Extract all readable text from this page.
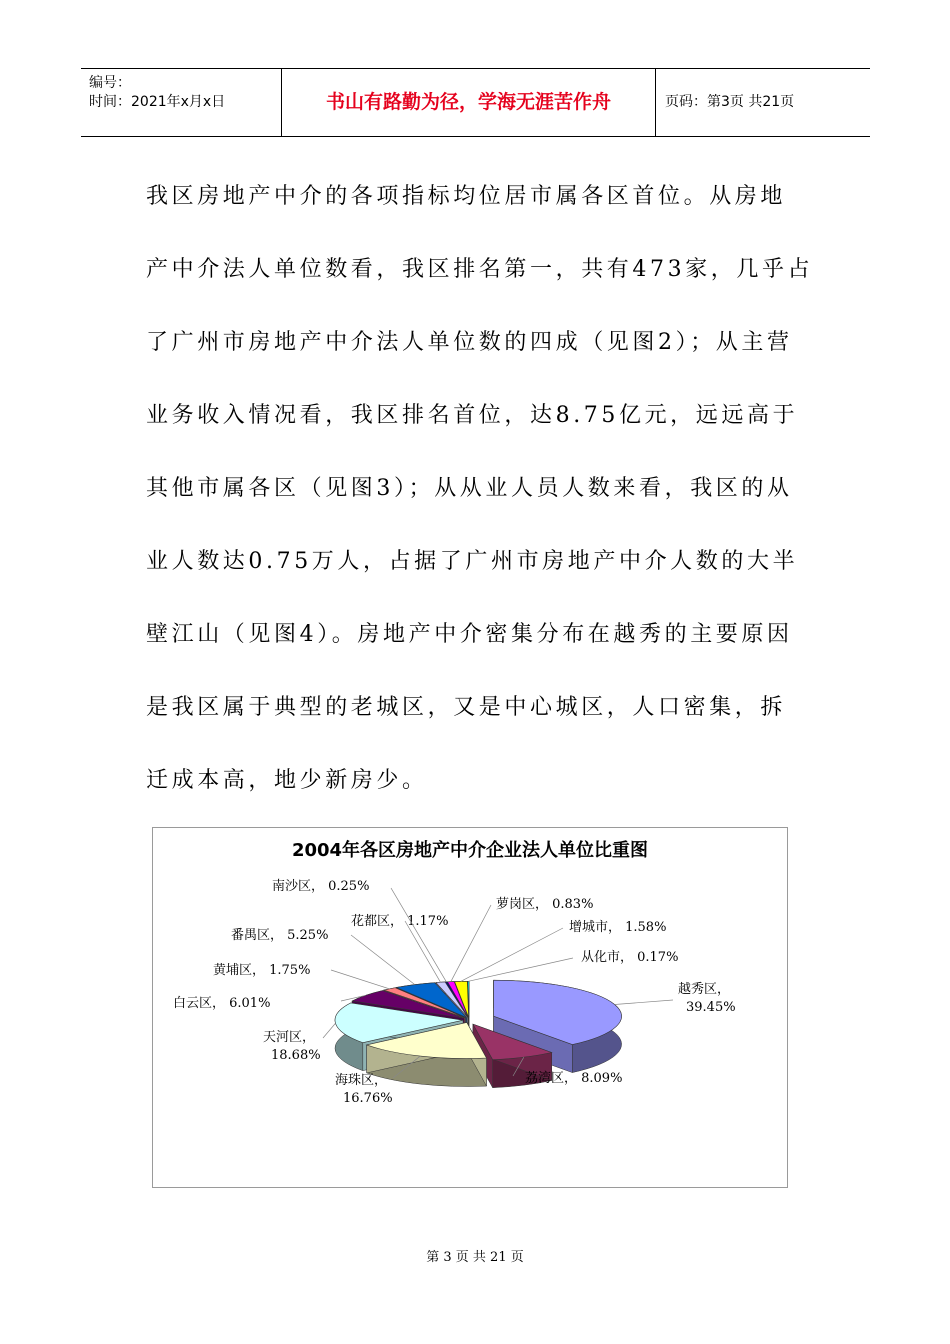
编号：
时间：2021年x月x日	书山有路勤为径，学海无涯苦作舟	页码：第3页 共21页
我区房地产中介的各项指标均位居市属各区首位。从房地
产中介法人单位数看，我区排名第一，共有473家，几乎占
了广州市房地产中介法人单位数的四成（见图2）；从主营
业务收入情况看，我区排名首位，达8.75亿元，远远高于
其他市属各区（见图3）；从从业人员人数来看，我区的从
业人数达0.75万人，占据了广州市房地产中介人数的大半
壁江山（见图4）。房地产中介密集分布在越秀的主要原因
是我区属于典型的老城区，又是中心城区，人口密集，拆
迁成本高，地少新房少。
2004年各区房地产中介企业法人单位比重图
越秀区，
39.45%
荔湾区， 8.09%
海珠区，
16.76%
天河区，
18.68%
白云区， 6.01%
黄埔区， 1.75%
番禺区， 5.25%
花都区， 1.17%
南沙区， 0.25%
萝岗区， 0.83%
增城市， 1.58%
从化市， 0.17%
第 3 页 共 21 页
